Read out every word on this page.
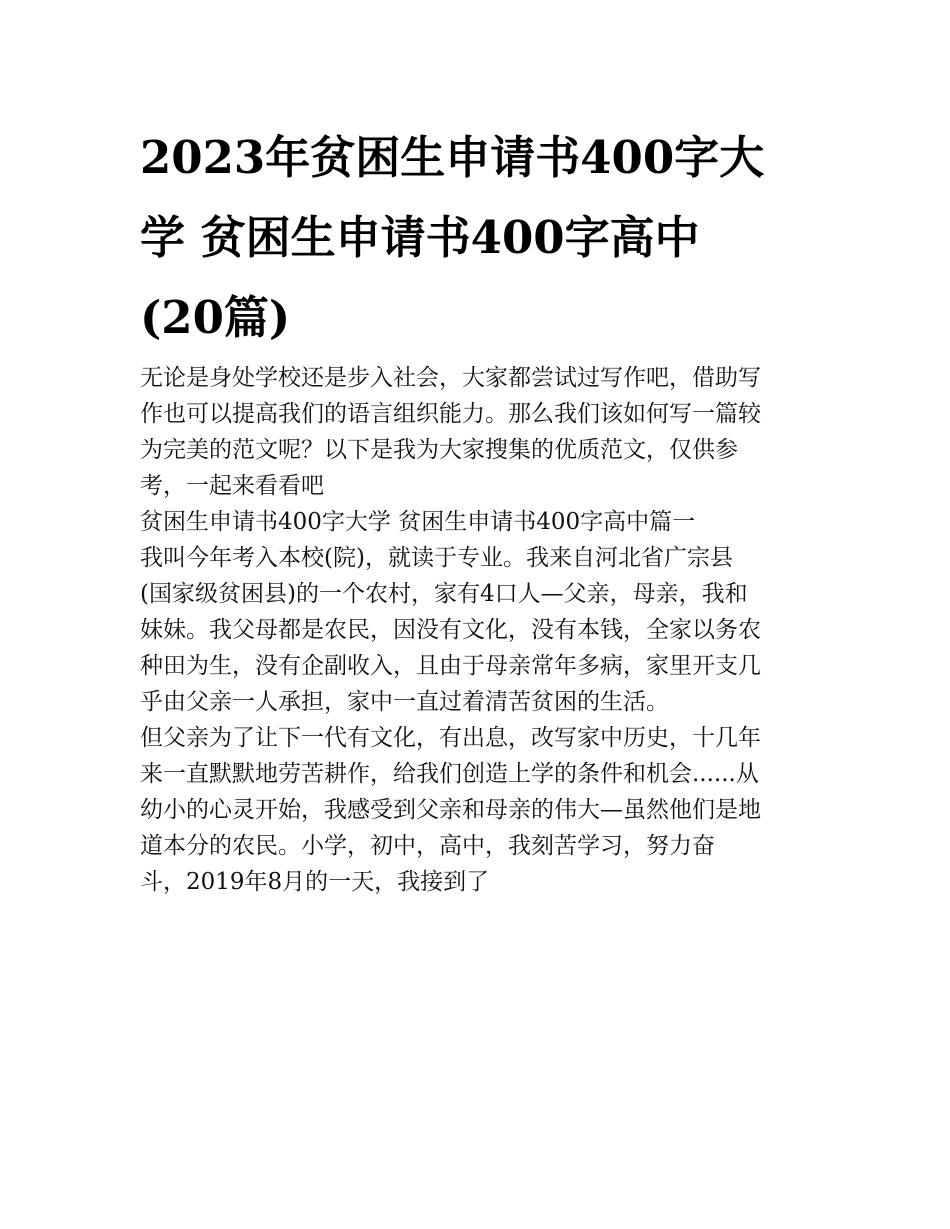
2023年贫困生申请书400字大
学 贫困生申请书400字高中
(20篇)
无论是身处学校还是步入社会，大家都尝试过写作吧，借助写
作也可以提高我们的语言组织能力。那么我们该如何写一篇较
为完美的范文呢？以下是我为大家搜集的优质范文，仅供参
考，一起来看看吧
贫困生申请书400字大学 贫困生申请书400字高中篇一
我叫今年考入本校(院)，就读于专业。我来自河北省广宗县
(国家级贫困县)的一个农村，家有4口人—父亲，母亲，我和
妹妹。我父母都是农民，因没有文化，没有本钱，全家以务农
种田为生，没有企副收入，且由于母亲常年多病，家里开支几
乎由父亲一人承担，家中一直过着清苦贫困的生活。
但父亲为了让下一代有文化，有出息，改写家中历史，十几年
来一直默默地劳苦耕作，给我们创造上学的条件和机会......从
幼小的心灵开始，我感受到父亲和母亲的伟大—虽然他们是地
道本分的农民。小学，初中，高中，我刻苦学习，努力奋
斗，2019年8月的一天，我接到了
